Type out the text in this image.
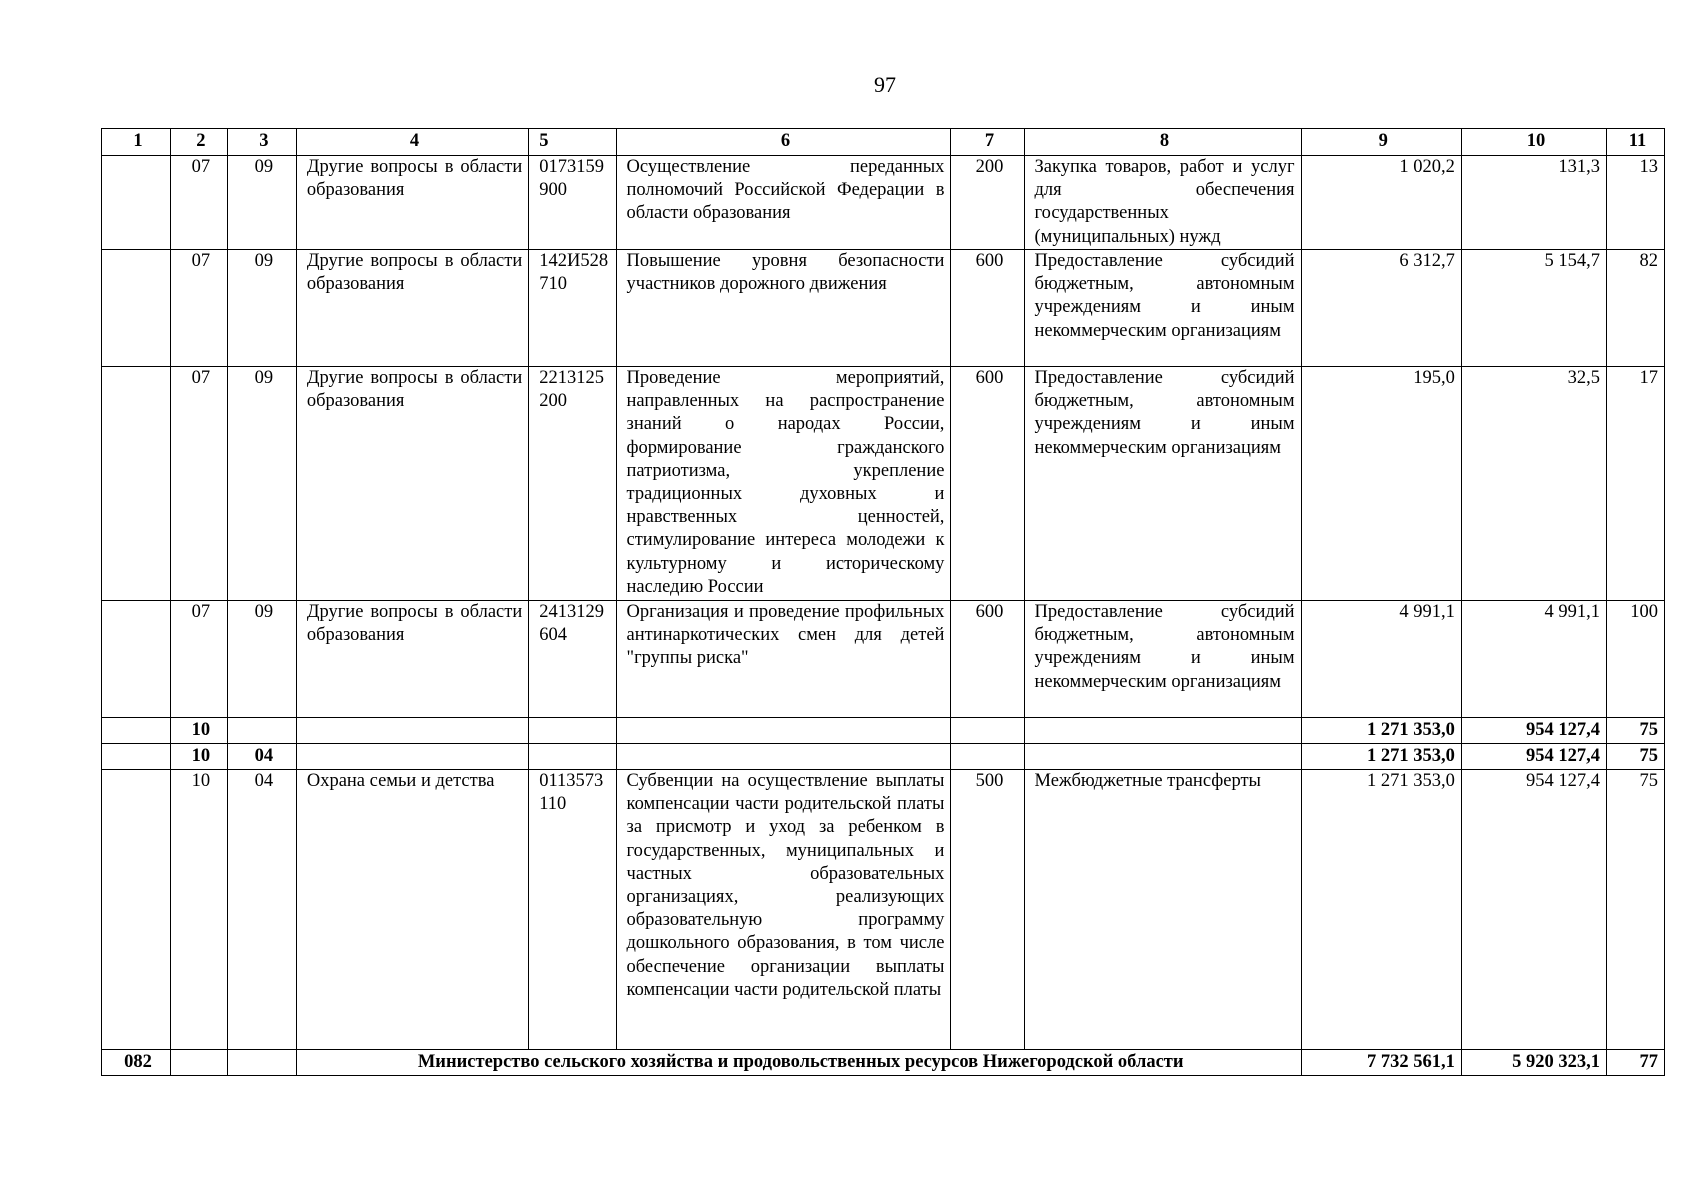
97
1	2	3	4	5	6	7	8	9	10	11
	07	09	Другие вопросы в области образования	0173159900	Осуществление переданных полномочий Российской Федерации в области образования	200	Закупка товаров, работ и услуг для обеспечения государственных (муниципальных) нужд	1 020,2	131,3	13
	07	09	Другие вопросы в области образования	142И528710	Повышение уровня безопасности участников дорожного движения	600	Предоставление субсидий бюджетным, автономным учреждениям и иным некоммерческим организациям	6 312,7	5 154,7	82
	07	09	Другие вопросы в области образования	2213125200	Проведение мероприятий, направленных на распространение знаний о народах России, формирование гражданского патриотизма, укрепление традиционных духовных и нравственных ценностей, стимулирование интереса молодежи к культурному и историческому наследию России	600	Предоставление субсидий бюджетным, автономным учреждениям и иным некоммерческим организациям	195,0	32,5	17
	07	09	Другие вопросы в области образования	2413129604	Организация и проведение профильных антинаркотических смен для детей "группы риска"	600	Предоставление субсидий бюджетным, автономным учреждениям и иным некоммерческим организациям	4 991,1	4 991,1	100
	10							1 271 353,0	954 127,4	75
	10	04						1 271 353,0	954 127,4	75
	10	04	Охрана семьи и детства	0113573110	Субвенции на осуществление выплаты компенсации части родительской платы за присмотр и уход за ребенком в государственных, муниципальных и частных образовательных организациях, реализующих образовательную программу дошкольного образования, в том числе обеспечение организации выплаты компенсации части родительской платы	500	Межбюджетные трансферты	1 271 353,0	954 127,4	75
082			Министерство сельского хозяйства и продовольственных ресурсов Нижегородской области					7 732 561,1	5 920 323,1	77
